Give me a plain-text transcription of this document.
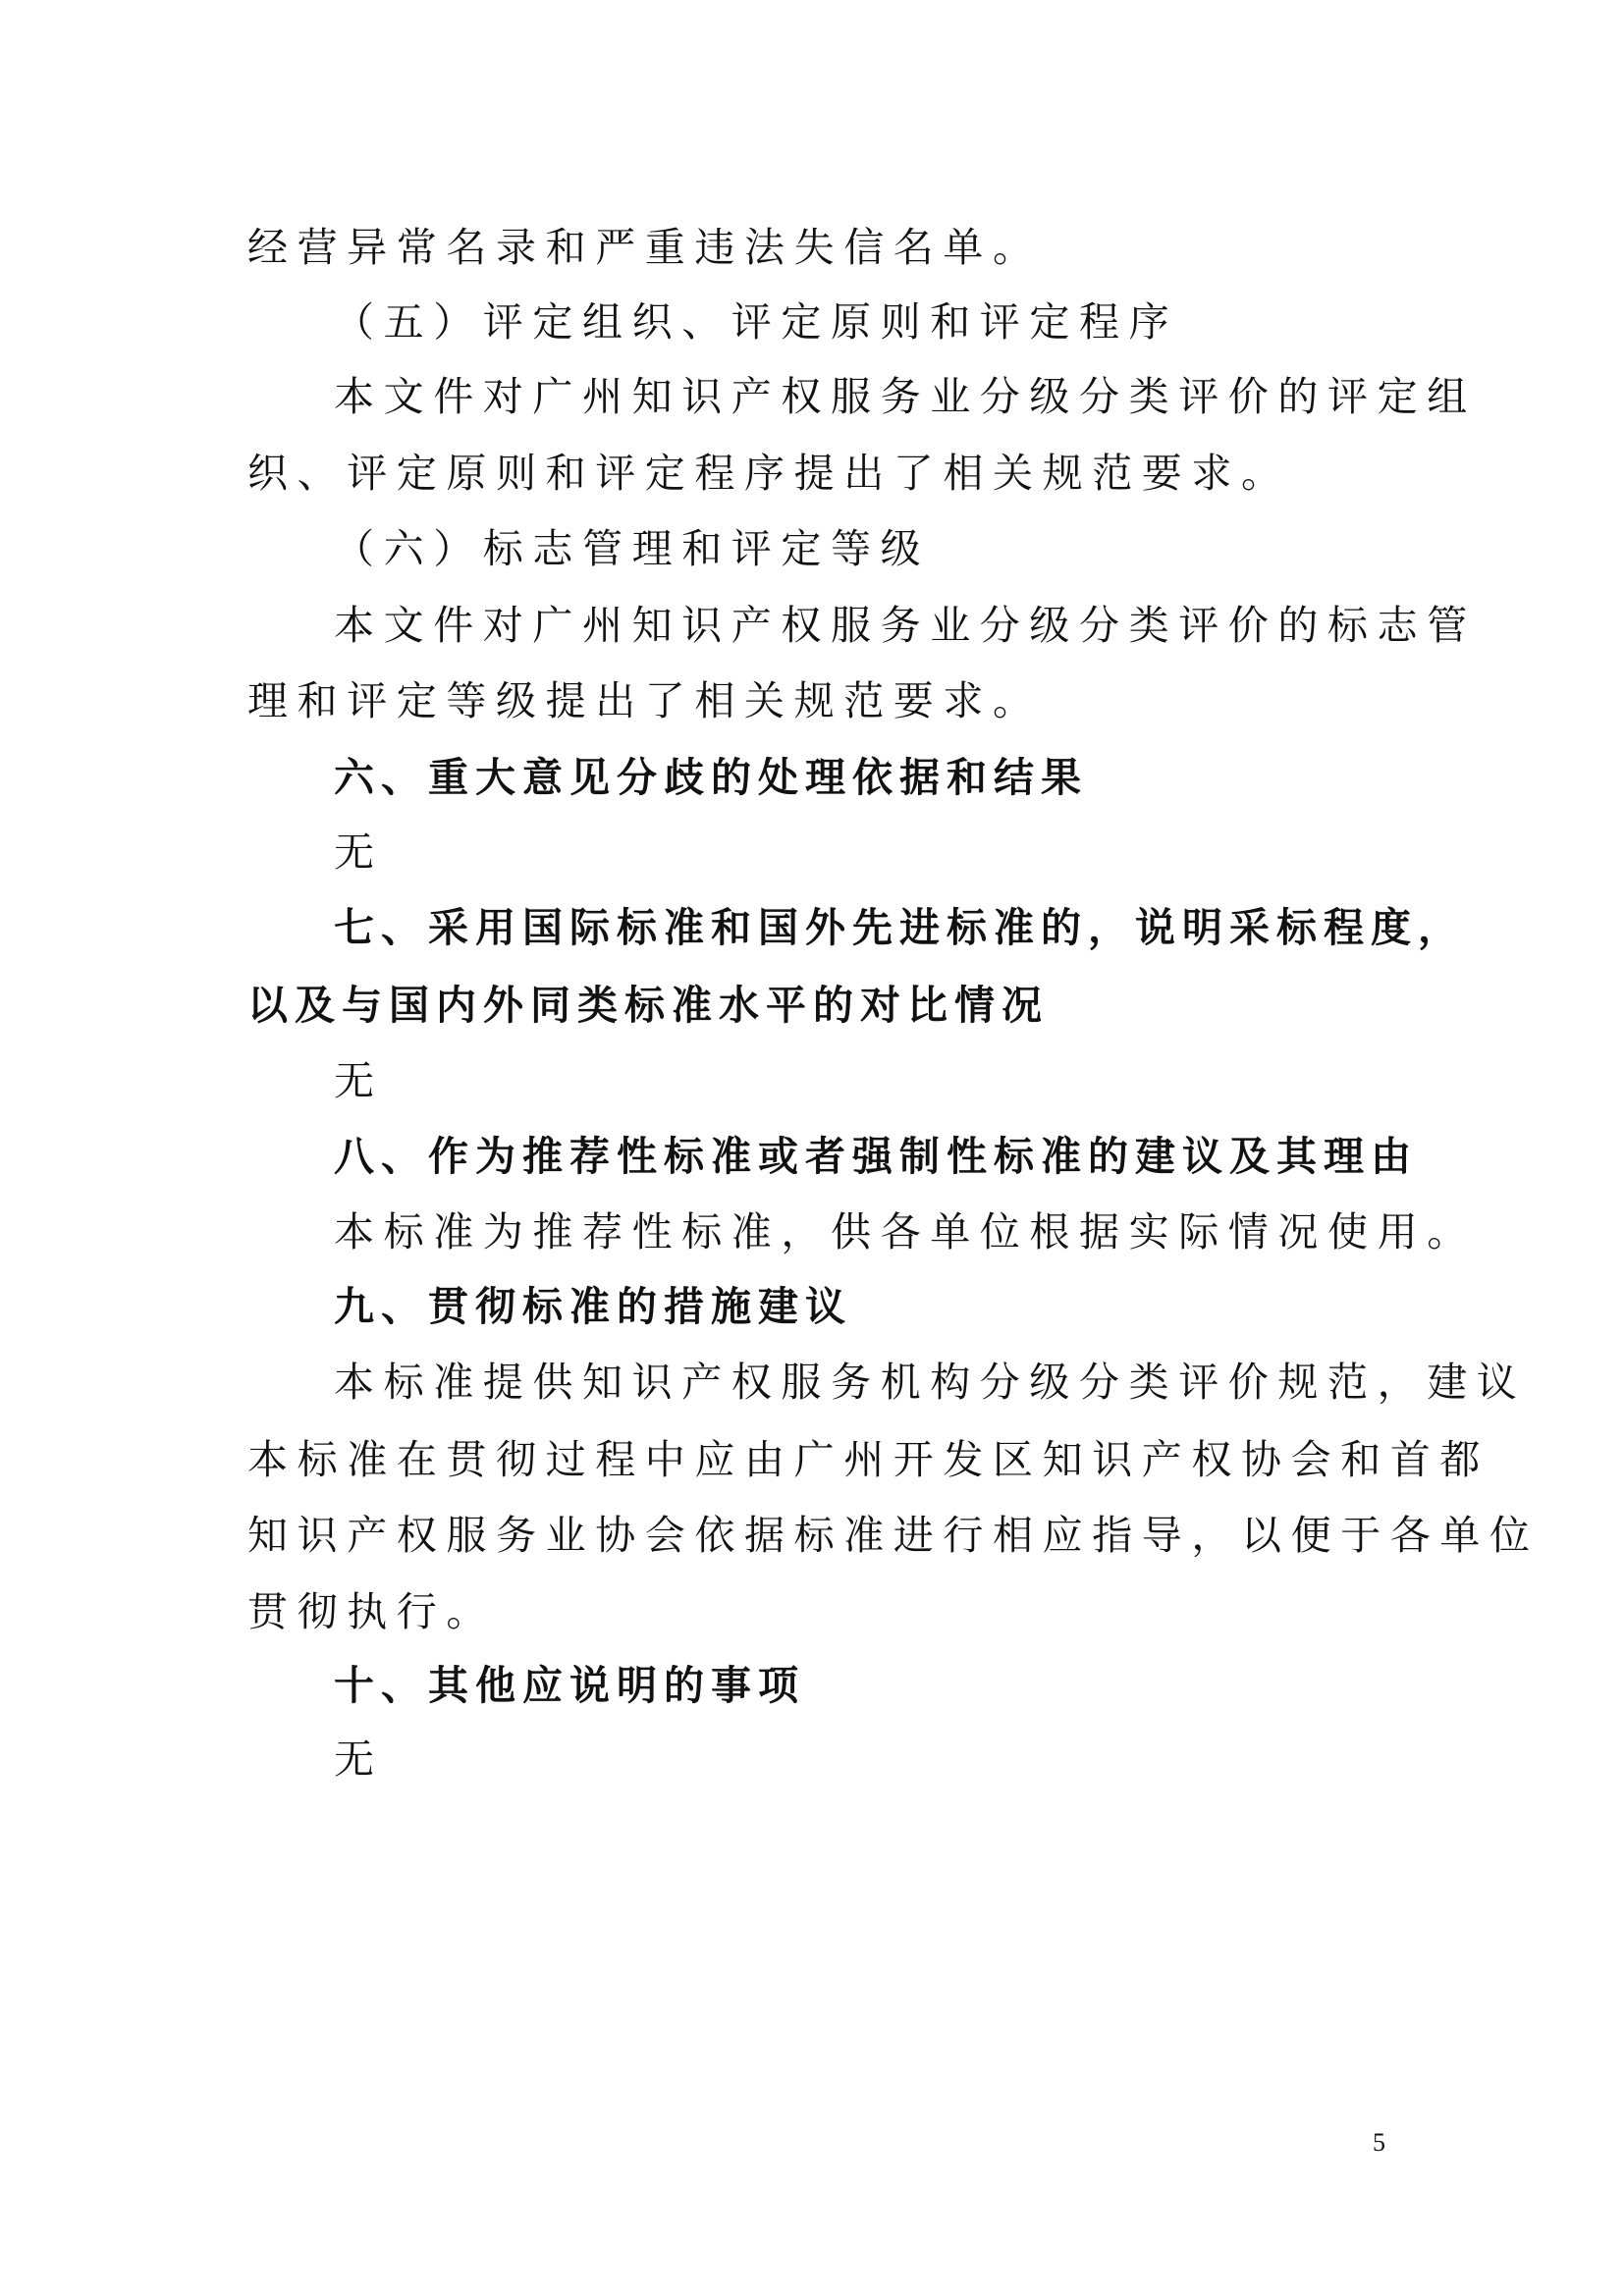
经营异常名录和严重违法失信名单。
（五）评定组织、评定原则和评定程序
本文件对广州知识产权服务业分级分类评价的评定组
织、评定原则和评定程序提出了相关规范要求。
（六）标志管理和评定等级
本文件对广州知识产权服务业分级分类评价的标志管
理和评定等级提出了相关规范要求。
六、重大意见分歧的处理依据和结果
无
七、采用国际标准和国外先进标准的，说明采标程度，
以及与国内外同类标准水平的对比情况
无
八、作为推荐性标准或者强制性标准的建议及其理由
本标准为推荐性标准，供各单位根据实际情况使用。
九、贯彻标准的措施建议
本标准提供知识产权服务机构分级分类评价规范，建议
本标准在贯彻过程中应由广州开发区知识产权协会和首都
知识产权服务业协会依据标准进行相应指导，以便于各单位
贯彻执行。
十、其他应说明的事项
无
5
